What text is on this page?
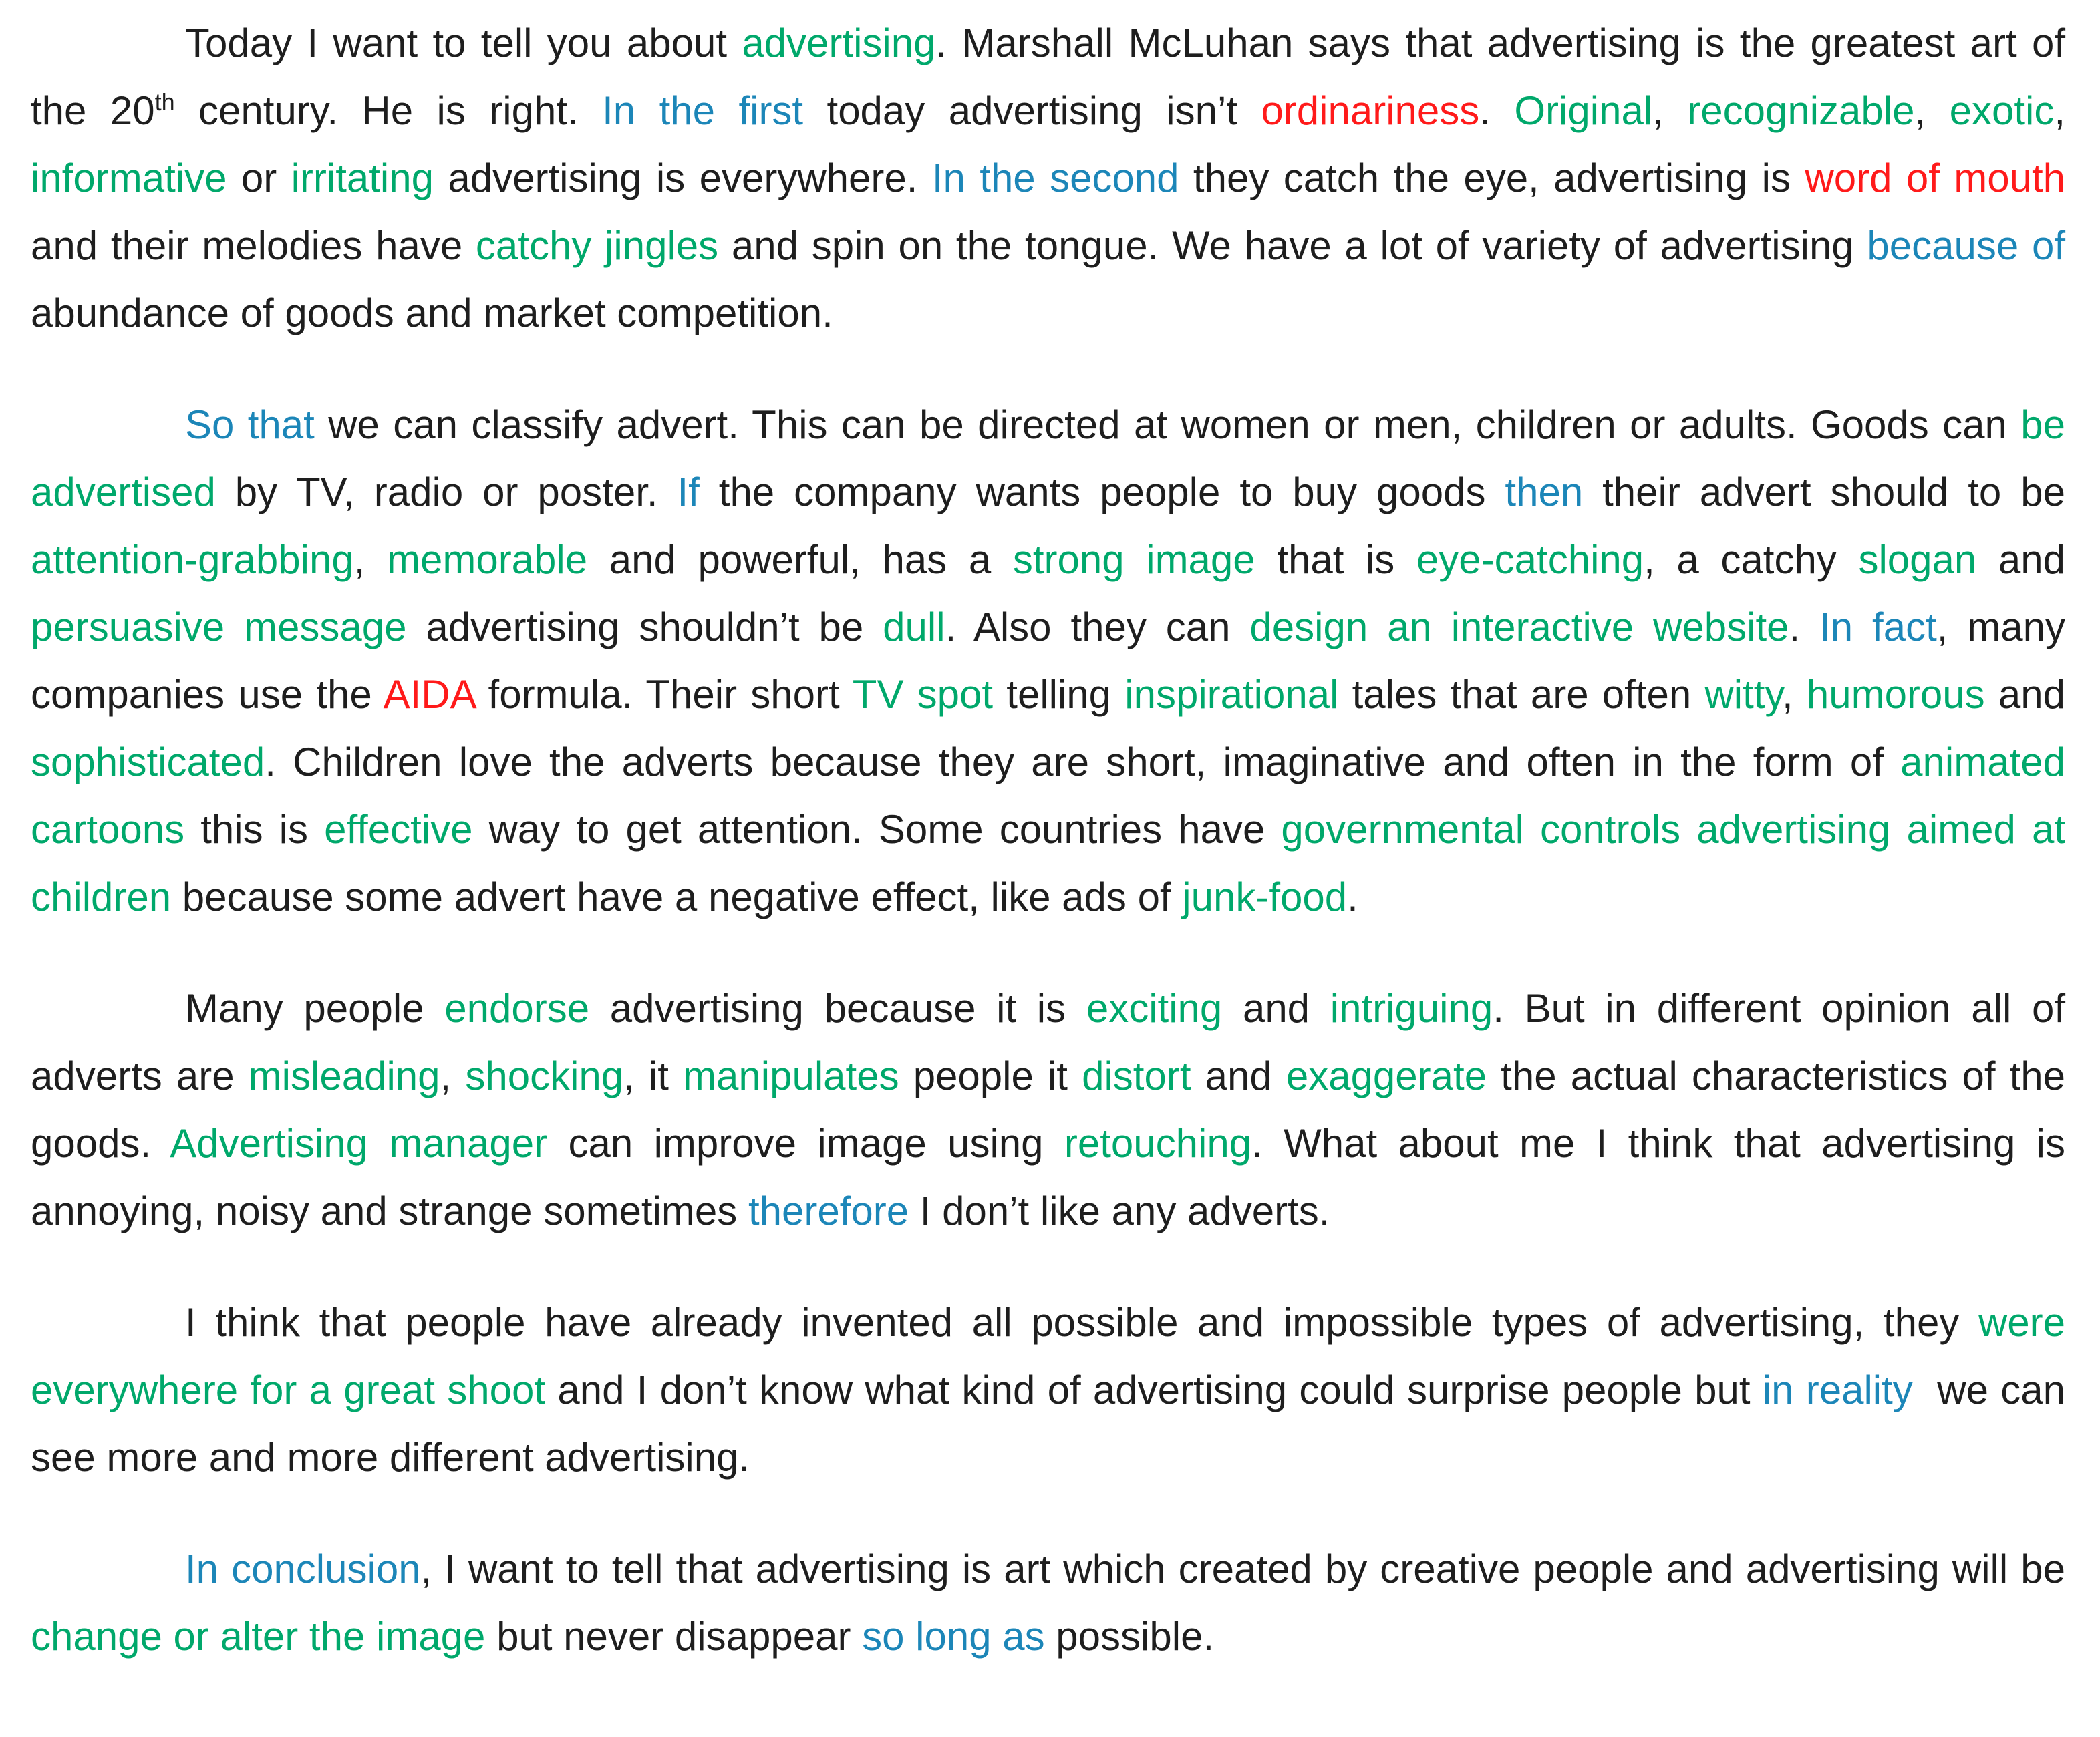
Today I want to tell you about advertising. Marshall McLuhan says that advertising is the greatest art of the 20th century. He is right. In the first today advertising isn’t ordinariness. Original, recognizable, exotic, informative or irritating advertising is everywhere. In the second they catch the eye, advertising is word of mouth and their melodies have catchy jingles and spin on the tongue. We have a lot of variety of advertising because of abundance of goods and market competition.

So that we can classify advert. This can be directed at women or men, children or adults. Goods can be advertised by TV, radio or poster. If the company wants people to buy goods then their advert should to be attention-grabbing, memorable and powerful, has a strong image that is eye-catching, a catchy slogan and persuasive message advertising shouldn’t be dull. Also they can design an interactive website. In fact, many companies use the AIDA formula. Their short TV spot telling inspirational tales that are often witty, humorous and sophisticated. Children love the adverts because they are short, imaginative and often in the form of animated cartoons this is effective way to get attention. Some countries have governmental controls advertising aimed at children because some advert have a negative effect, like ads of junk-food.

Many people endorse advertising because it is exciting and intriguing. But in different opinion all of adverts are misleading, shocking, it manipulates people it distort and exaggerate the actual characteristics of the goods. Advertising manager can improve image using retouching. What about me I think that advertising is annoying, noisy and strange sometimes therefore I don’t like any adverts.

I think that people have already invented all possible and impossible types of advertising, they were everywhere for a great shoot and I don’t know what kind of advertising could surprise people but in reality  we can see more and more different advertising.

In conclusion, I want to tell that advertising is art which created by creative people and advertising will be change or alter the image but never disappear so long as possible.
